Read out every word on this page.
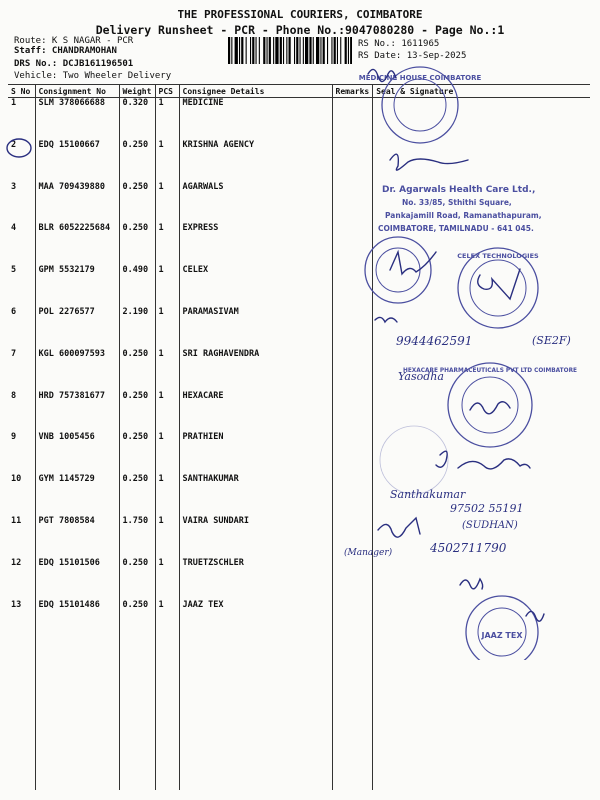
THE PROFESSIONAL COURIERS, COIMBATORE
Delivery Runsheet - PCR - Phone No.:9047080280 - Page No.:1
Route: K S NAGAR - PCR
Staff: CHANDRAMOHAN
DRS No.: DCJB161196501
Vehicle: Two Wheeler Delivery
RS No.: 1611965
RS Date: 13-Sep-2025
S No	Consignment No	Weight	PCS	Consignee Details	Remarks	Seal & Signature
1	SLM 378066688	0.320	1	MEDICINE		
2	EDQ 15100667	0.250	1	KRISHNA AGENCY		
3	MAA 709439880	0.250	1	AGARWALS		
4	BLR 6052225684	0.250	1	EXPRESS		
5	GPM 5532179	0.490	1	CELEX		
6	POL 2276577	2.190	1	PARAMASIVAM		
7	KGL 600097593	0.250	1	SRI RAGHAVENDRA		
8	HRD 757381677	0.250	1	HEXACARE		
9	VNB 1005456	0.250	1	PRATHIEN		
10	GYM 1145729	0.250	1	SANTHAKUMAR		
11	PGT 7808584	1.750	1	VAIRA SUNDARI		
12	EDQ 15101506	0.250	1	TRUETZSCHLER		
13	EDQ 15101486	0.250	1	JAAZ TEX		
MEDICINE HOUSE COIMBATORE
Dr. Agarwals Health Care Ltd.,
No. 33/85, Sthithi Square,
Pankajamill Road, Ramanathapuram,
COIMBATORE, TAMILNADU - 641 045.
CELEX TECHNOLOGIES
9944462591	(SE2F)
Yasodha
HEXACARE PHARMACEUTICALS PVT LTD COIMBATORE
Santhakumar
97502 55191
(SUDHAN)
(Manager)	4502711790
JAAZ TEX
